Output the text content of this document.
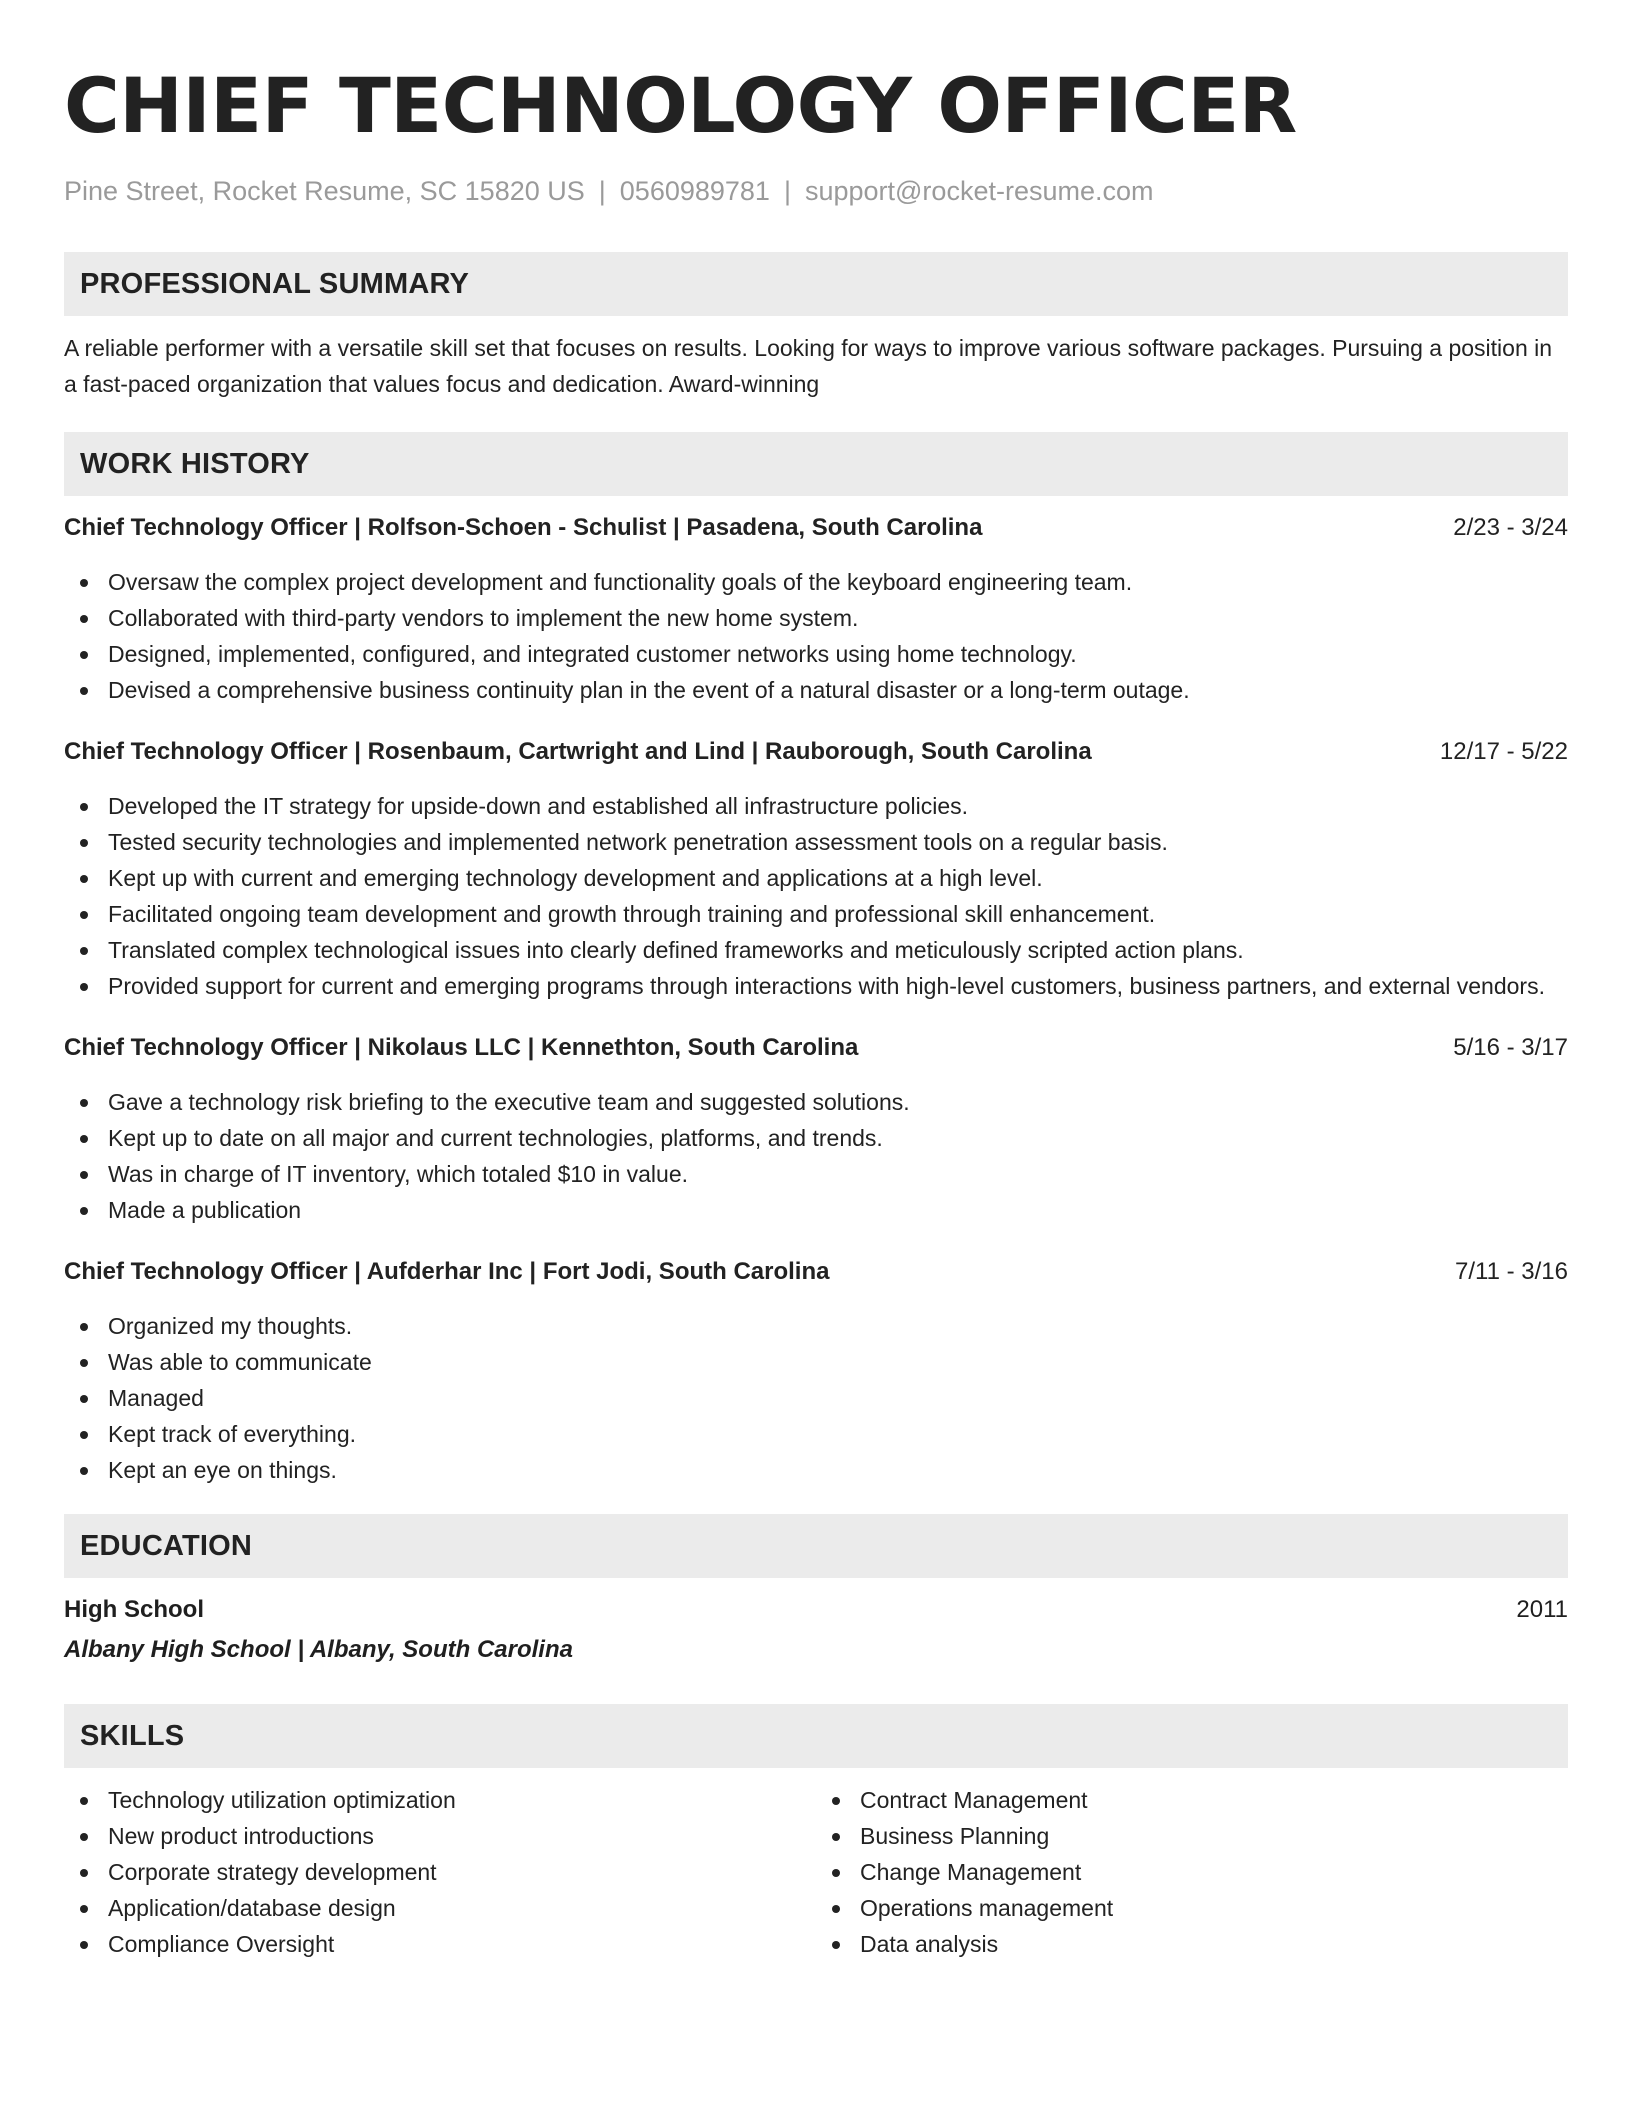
CHIEF TECHNOLOGY OFFICER
Pine Street, Rocket Resume, SC 15820 US | 0560989781 | support@rocket-resume.com
PROFESSIONAL SUMMARY

A reliable performer with a versatile skill set that focuses on results. Looking for ways to improve various software packages. Pursuing a position in a fast-paced organization that values focus and dedication. Award-winning

WORK HISTORY
Chief Technology Officer | Rolfson-Schoen - Schulist | Pasadena, South Carolina	2/23 - 3/24
Oversaw the complex project development and functionality goals of the keyboard engineering team.
Collaborated with third-party vendors to implement the new home system.
Designed, implemented, configured, and integrated customer networks using home technology.
Devised a comprehensive business continuity plan in the event of a natural disaster or a long-term outage.
Chief Technology Officer | Rosenbaum, Cartwright and Lind | Rauborough, South Carolina	12/17 - 5/22
Developed the IT strategy for upside-down and established all infrastructure policies.
Tested security technologies and implemented network penetration assessment tools on a regular basis.
Kept up with current and emerging technology development and applications at a high level.
Facilitated ongoing team development and growth through training and professional skill enhancement.
Translated complex technological issues into clearly defined frameworks and meticulously scripted action plans.
Provided support for current and emerging programs through interactions with high-level customers, business partners, and external vendors.
Chief Technology Officer | Nikolaus LLC | Kennethton, South Carolina	5/16 - 3/17
Gave a technology risk briefing to the executive team and suggested solutions.
Kept up to date on all major and current technologies, platforms, and trends.
Was in charge of IT inventory, which totaled $10 in value.
Made a publication
Chief Technology Officer | Aufderhar Inc | Fort Jodi, South Carolina	7/11 - 3/16
Organized my thoughts.
Was able to communicate
Managed
Kept track of everything.
Kept an eye on things.
EDUCATION
High School	2011
Albany High School | Albany, South Carolina
SKILLS
Technology utilization optimization
New product introductions
Corporate strategy development
Application/database design
Compliance Oversight
Contract Management
Business Planning
Change Management
Operations management
Data analysis
